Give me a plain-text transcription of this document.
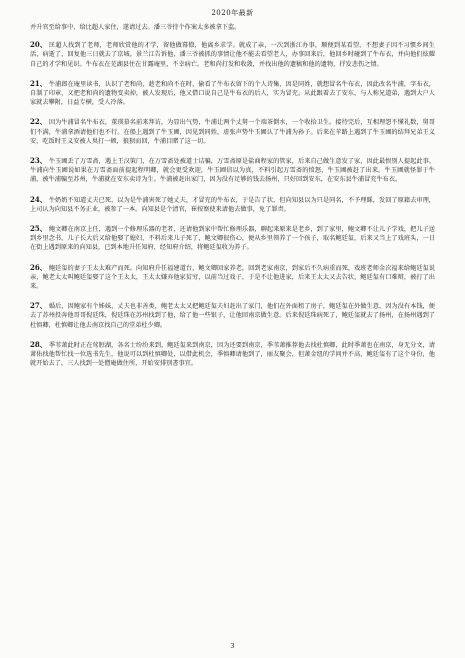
2020年最新

并升官至给事中，给比超人家住，遂请过去。潘三爷待个作案太多被拿下监。

20、 匡超人找到了老师，老师欣赏他的才学，留他做幕僚，他离乡求学。就成了亲，一次到浙江办事，顺便到某看望，不想妻子因不习惯乡间生活，病逝了，回复他三日就去了京城。景兰江告诉他，潘三爷被抓的事情让他不能去看望老人，办事回来后，他回乡时碰到了牛布衣，并向他们炫耀自己的才学和见识。牛布衣在芜湖县住在甘露庵里，不幸病亡。老和尚打发和收敛，并找出他的遗稿和他的遗物，抒发悲伤之情。

21、 牛浦郎在庵里读书，认识了老和尚，趁老和尚不在时，偷看了牛布衣留下的个人诗集，因是同姓，就想冒名牛布衣，因此改名牛浦，字布衣，自制了印章，又把老和尚的遗物变卖掉，被人发现后，他又借口说自己是牛布衣的后人，实为冒充。从此跟着去了安东，与人称兄道弟，遇到大户人家就去攀附，日益专横，受人冷落。

22、 因为牛浦冒名牛布衣，董瑛慕名前来拜访，为显出气势，牛浦让两个丈舅一个端茶倒水，一个收拾卫生。接待完后，互相理怨不懂礼数，舅哥们不满，牛浦拿酒请他们也不行。在船上遇到了牛玉圃，因见到同姓，虚张声势牛玉圃认了牛浦为孙子。后来在苹路上遇到了牛玉圃的结拜兄弟王义安，吃饭时王义安被人臭打一顿，狼狈而回，牛浦目睹了这一切。

23、 牛玉圃丢了万雪斋，遇上王汉策门，在万雪斋处被道士诘骗，万雪斋原是盐商程家的管家，后来自己做生意发了家，因此最恨别人提起此事。牛浦向牛玉圃说如果在万雪斋面前提起程明卿，就会更受欢迎，牛玉圃信以为真，不料引起万雪斋的愤怒，牛玉圃被赶了出来。牛玉圃就怪罪于牛浦，被牛浦骗至苏州，牛浦就在安东卖诗为生。牛浦被赶出家门，因为没有足够的钱去扬州，只好回到安东，在安东县牛浦冒充牛布衣。

24、 牛奶奶不知道丈夫已死，以为是牛浦害死了她丈夫，才冒充的牛布衣，于是告了状，但向知县以为只是同名，不予理睬，发回了原籍去审理，上司认为向知县不务正业，被参了一本。向知县是个清官，崔按察使来请他去做事，免了罪责。

25、 鲍文卿在南京上任，遇到一个修理乐器的老者，还请他到家中帮忙修理乐器，聊起来原来是老乡，到了家里，鲍文卿不让儿子学戏，把儿子送到乡里念书，儿子长大后又给他娶了媳妇，不料后来儿子死了，鲍文卿很伤心，便从乡里领养了一个孩子，取名鲍廷玺，后来又当上了戏班头，一日在街上遇到原来的向知县，已到本地升任知府，经知府介绍，将鲍廷玺收为养子。

26、 鲍廷玺的妻子王太太难产而死。向知府升任福建道台，鲍文卿回家养老，回到老家南京，到家后不久病重而死，戏班老师金次福来给鲍廷玺说亲，鲍老太太叫鲍廷玺娶了这个王太太，王太太嫌弃他家贫穷，以前当过戏子，于是不让他进家，后来王太太又去告状，鲍廷玺有口难辩，被打了出来。

27、 婚后，因鲍家有个姊妹，丈夫也非善类，鲍老太太又把鲍廷玺夫妇赶出了家门，他们在外面租了房子，鲍廷玺在外做生意，因为没有本钱，便去了苏州投奔他哥哥倪廷珠，倪廷珠在苏州找到了他，给了他一些银子，让他回南京做生意。后来倪廷珠病死了，鲍廷玺就去了扬州，在扬州遇到了杜慎卿，杜慎卿让他去南京找自己的堂弟杜少卿。

28、 季苇萧此时正在莺脰湖，各名士纷纷来到，鲍廷玺来到南京，因为还要到南京，季苇萧推荐他去找杜慎卿，此时季萧也在南京，身无分文，请萧佑找他帮忙找一位选书先生，他说可以到杜慎卿处，以借此机会，季慎卿请他到了，丽友聚会，但萧金纽的学问并不高，鲍廷玺有了这个身份，他就开始去了，三人找到一处僧庵做住所，开始安排别書事宜。

3
